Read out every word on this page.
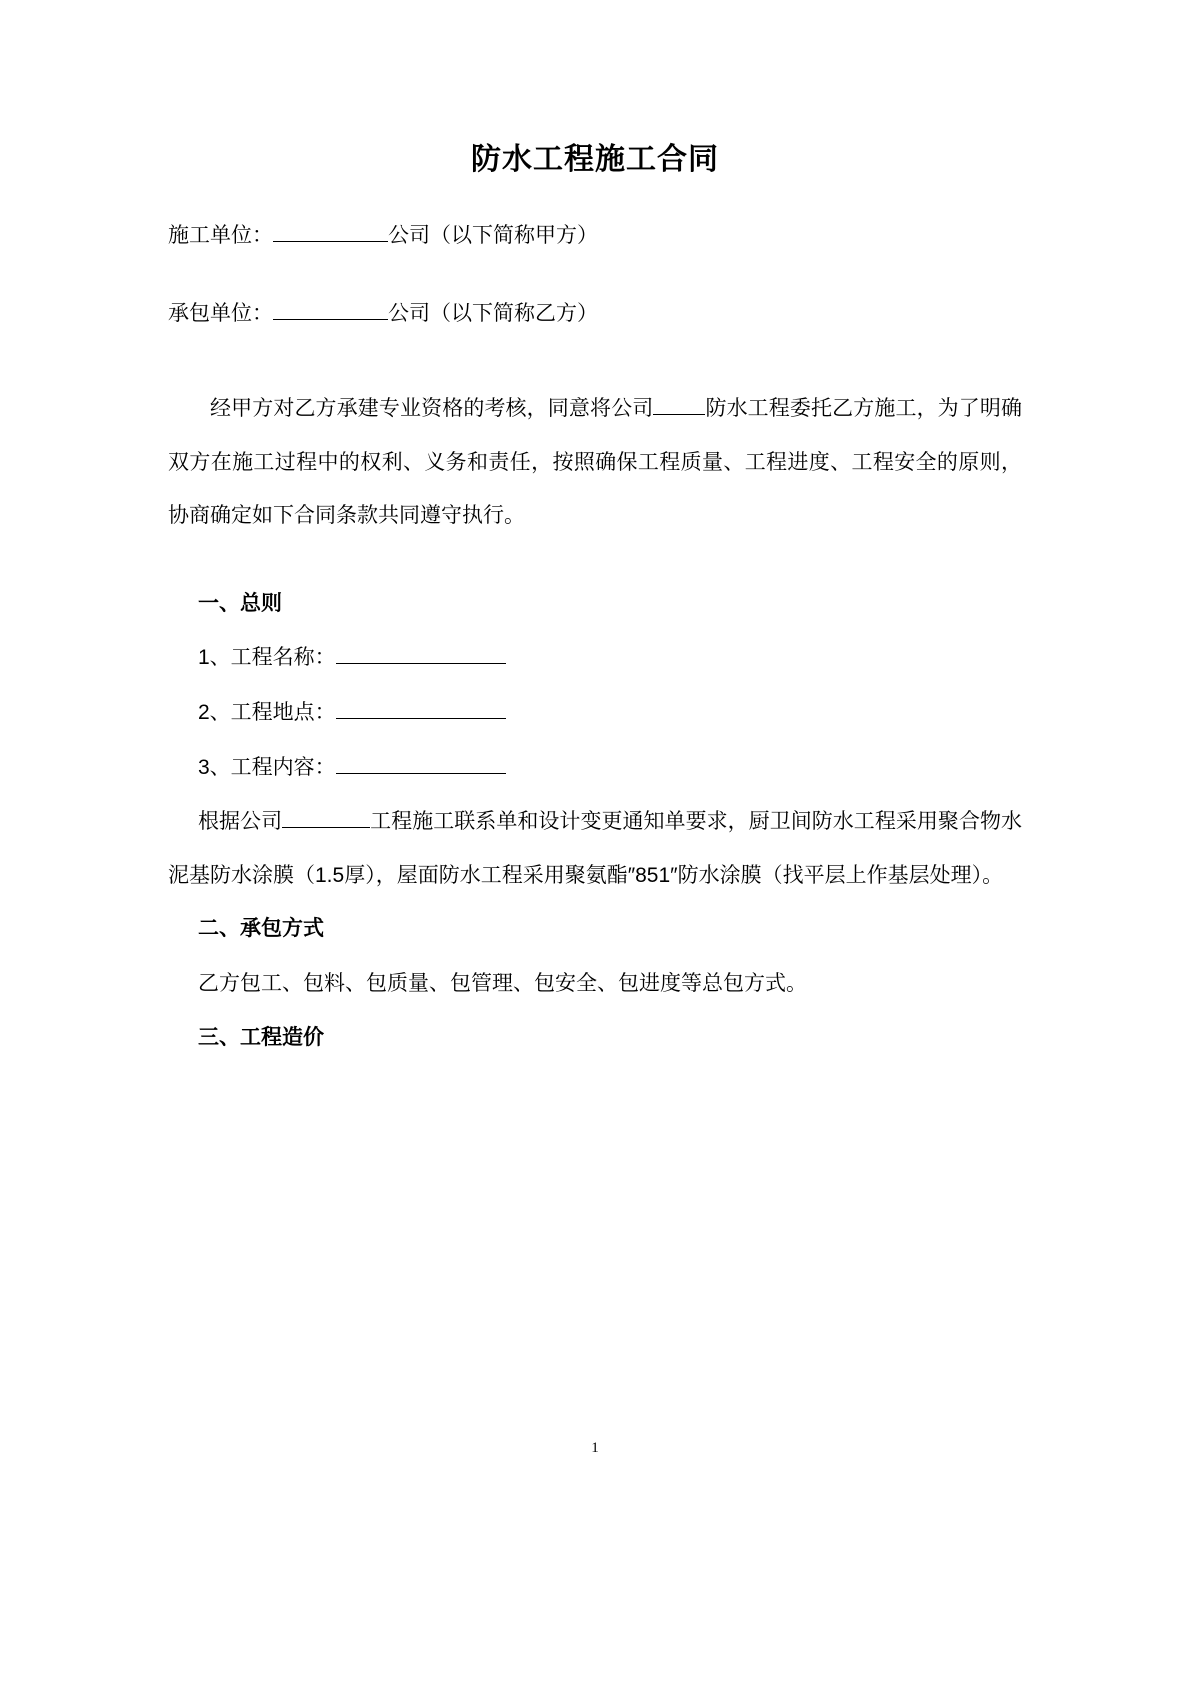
防水工程施工合同
施工单位：	公司（以下简称甲方）
承包单位：	公司（以下简称乙方）

经甲方对乙方承建专业资格的考核，同意将公司 防水工程委托乙方施工，为了明确双方在施工过程中的权利、义务和责任，按照确保工程质量、工程进度、工程安全的原则，协商确定如下合同条款共同遵守执行。

一、总则

1、工程名称：

2、工程地点：

3、工程内容：

根据公司	工程施工联系单和设计变更通知单要求，厨卫间防水工程采用聚合物水泥基防水涂膜（1.5厚），屋面防水工程采用聚氨酯″851″防水涂膜（找平层上作基层处理）。

二、承包方式

乙方包工、包料、包质量、包管理、包安全、包进度等总包方式。

三、工程造价
1
